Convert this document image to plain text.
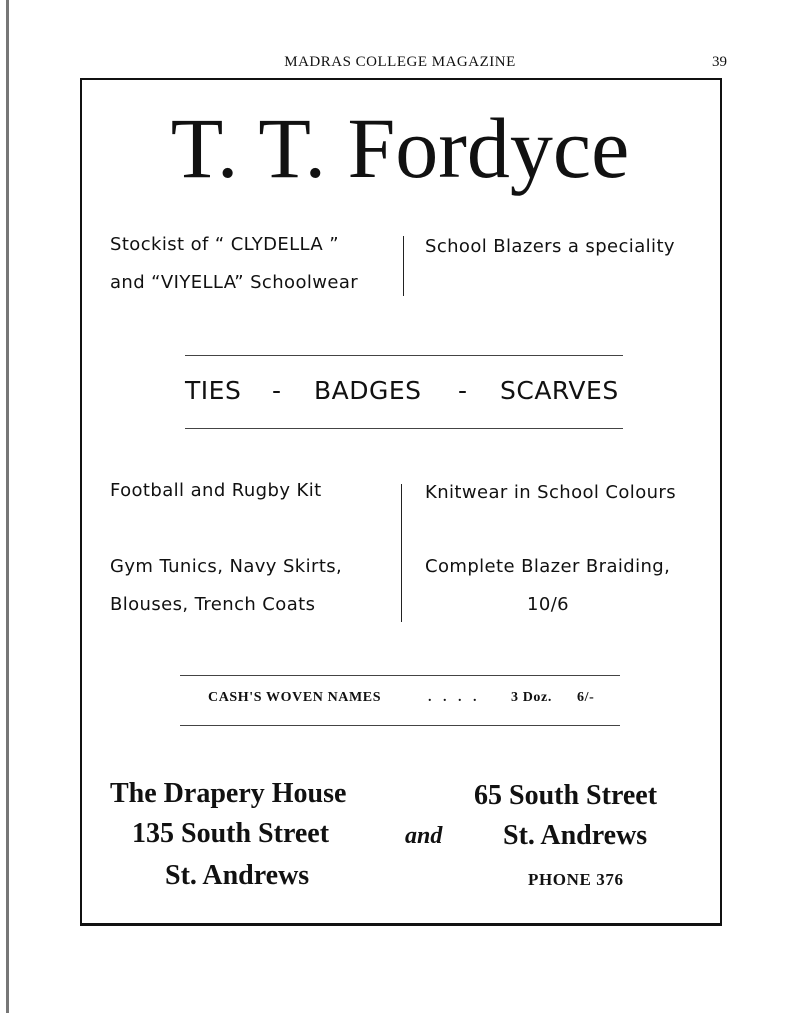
MADRAS COLLEGE MAGAZINE	39
T. T. Fordyce
Stockist of “ CLYDELLA ”
and “VIYELLA” Schoolwear
School Blazers a speciality
TIES - BADGES - SCARVES
Football and Rugby Kit
Gym Tunics, Navy Skirts,
Blouses, Trench Coats
Knitwear in School Colours
Complete Blazer Braiding,
10/6
CASH'S WOVEN NAMES	. . . . 3 Doz. 6/-
The Drapery House
135 South Street
St. Andrews
and
65 South Street
St. Andrews
PHONE 376
